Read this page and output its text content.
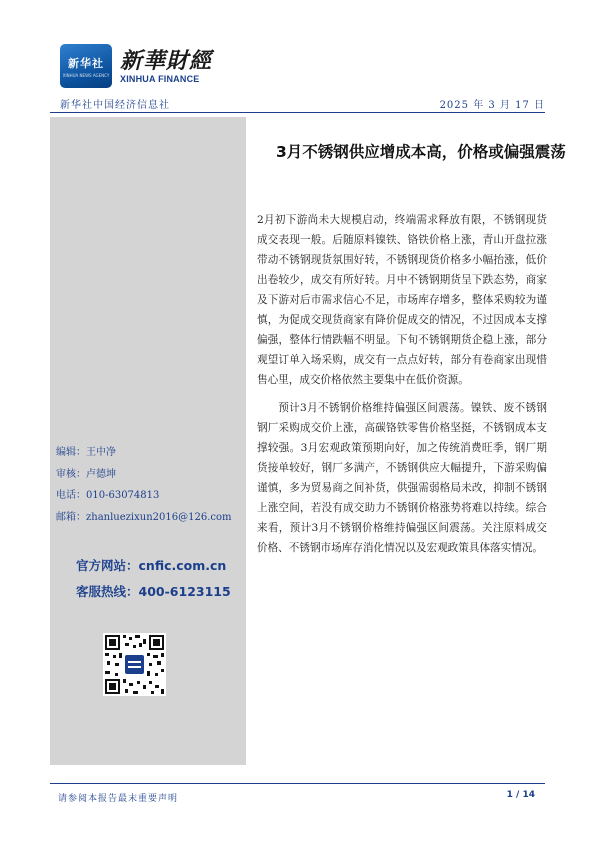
新华社
XINHUA NEWS AGENCY
新華財經
XINHUA FINANCE
新华社中国经济信息社	2025 年 3 月 17 日
编辑：王中净
审核：卢德坤
电话：010-63074813
邮箱：zhanluezixun2016@126.com
官方网站：cnfic.com.cn
客服热线：400-6123115
3月不锈钢供应增成本高，价格或偏强震荡

2月初下游尚未大规模启动，终端需求释放有限，不锈钢现货成交表现一般。后随原料镍铁、铬铁价格上涨，青山开盘拉涨带动不锈钢现货氛围好转，不锈钢现货价格多小幅抬涨，低价出卷较少，成交有所好转。月中不锈钢期货呈下跌态势，商家及下游对后市需求信心不足，市场库存增多，整体采购较为谨慎，为促成交现货商家有降价促成交的情况，不过因成本支撑偏强，整体行情跌幅不明显。下旬不锈钢期货企稳上涨，部分观望订单入场采购，成交有一点点好转，部分有卷商家出现惜售心里，成交价格依然主要集中在低价资源。

预计3月不锈钢价格维持偏强区间震荡。镍铁、废不锈钢钢厂采购成交价上涨，高碳铬铁零售价格坚挺，不锈钢成本支撑较强。3月宏观政策预期向好，加之传统消费旺季，钢厂期货接单较好，钢厂多满产，不锈钢供应大幅提升，下游采购偏谨慎，多为贸易商之间补货，供强需弱格局未改，抑制不锈钢上涨空间，若没有成交助力不锈钢价格涨势将难以持续。综合来看，预计3月不锈钢价格维持偏强区间震荡。关注原料成交价格、不锈钢市场库存消化情况以及宏观政策具体落实情况。

请参阅本报告最末重要声明	1 / 14
